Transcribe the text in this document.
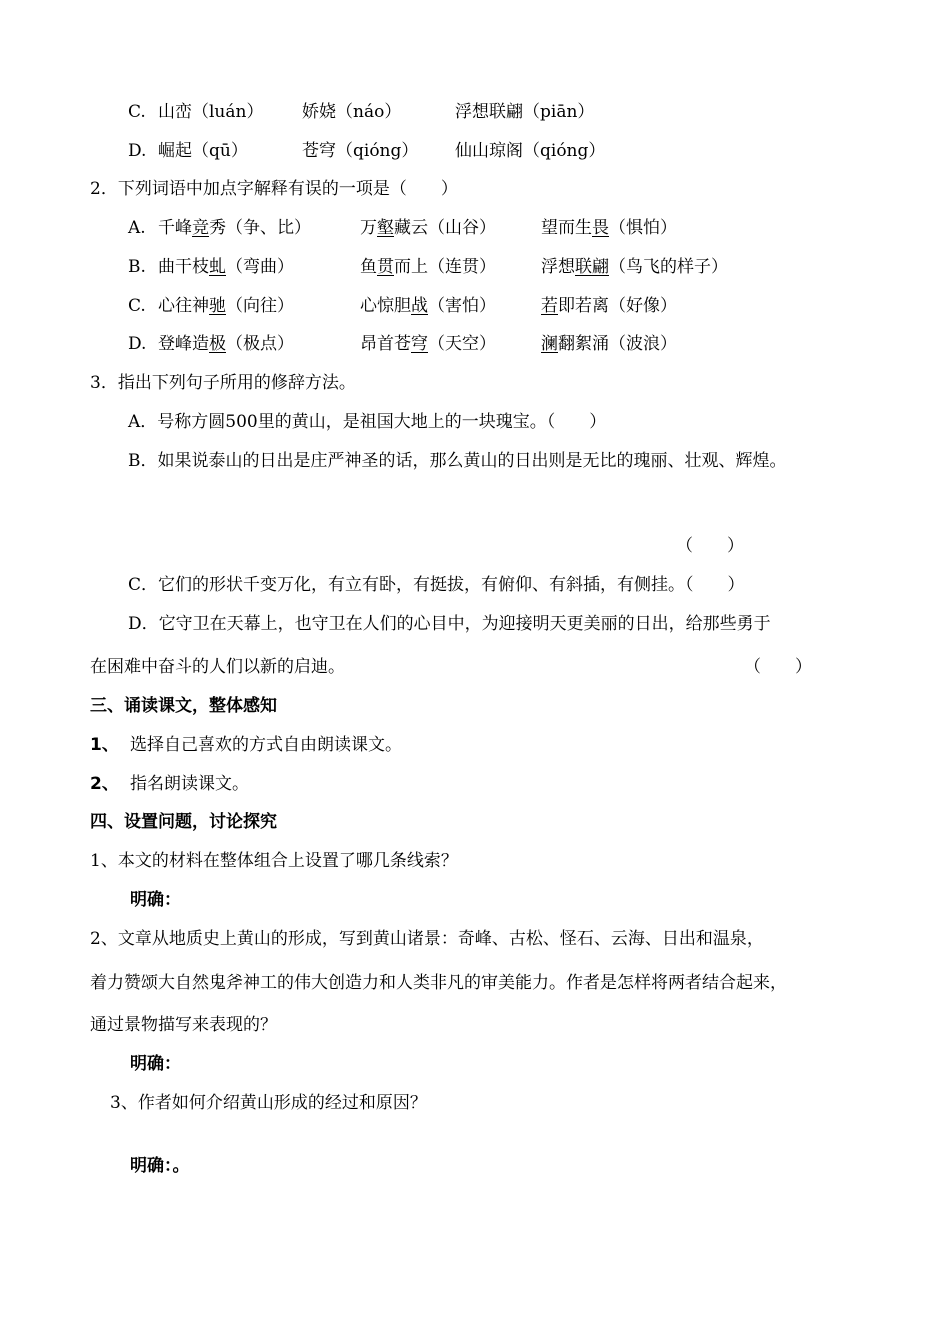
C. 山峦（luán） 娇娆（náo）	浮想联翩（piān）
D. 崛起（qū）	苍穹（qióng） 仙山琼阁（qióng）
2．下列词语中加点字解释有误的一项是（　　）
A. 千峰竞秀（争、比）	万壑藏云（山谷）	望而生畏（惧怕）
B. 曲干枝虬（弯曲）	鱼贯而上（连贯）	浮想联翩（鸟飞的样子）
C. 心往神驰（向往）	心惊胆战（害怕）	若即若离（好像）
D. 登峰造极（极点）	昂首苍穹（天空）	澜翻絮涌（波浪）
3．指出下列句子所用的修辞方法。
A．号称方圆500里的黄山，是祖国大地上的一块瑰宝。（　　）
B．如果说泰山的日出是庄严神圣的话，那么黄山的日出则是无比的瑰丽、壮观、辉煌。
（　　）
C．它们的形状千变万化，有立有卧，有挺拔，有俯仰、有斜插，有侧挂。（　　）
D．它守卫在天幕上，也守卫在人们的心目中，为迎接明天更美丽的日出，给那些勇于
在困难中奋斗的人们以新的启迪。	（　　）
三、诵读课文，整体感知
1、 选择自己喜欢的方式自由朗读课文。
2、 指名朗读课文。
四、设置问题，讨论探究
1、本文的材料在整体组合上设置了哪几条线索？
明确：
2、文章从地质史上黄山的形成，写到黄山诸景：奇峰、古松、怪石、云海、日出和温泉，
着力赞颂大自然鬼斧神工的伟大创造力和人类非凡的审美能力。作者是怎样将两者结合起来，
通过景物描写来表现的？
明确：
3、作者如何介绍黄山形成的经过和原因？
明确：。
